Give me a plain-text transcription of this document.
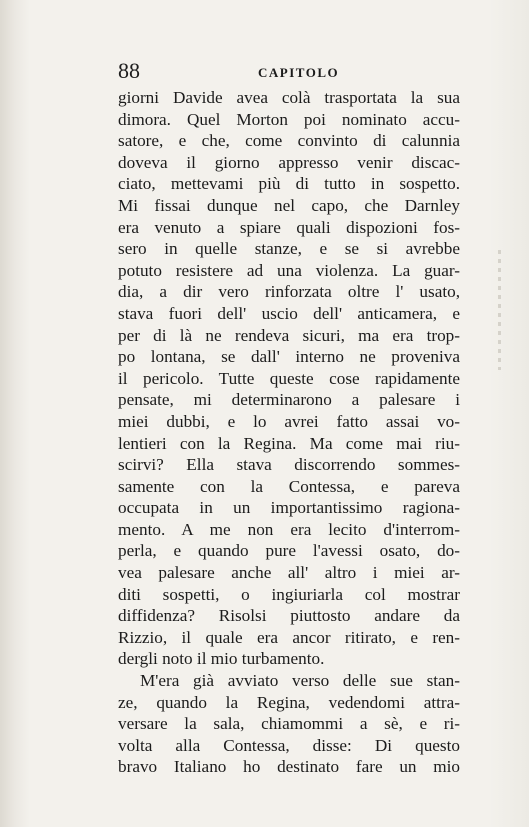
88	CAPITOLO
giorni Davide avea colà trasportata la sua
dimora. Quel Morton poi nominato accu-
satore, e che, come convinto di calunnia
doveva il giorno appresso venir discac-
ciato, mettevami più di tutto in sospetto.
Mi fissai dunque nel capo, che Darnley
era venuto a spiare quali dispozioni fos-
sero in quelle stanze, e se si avrebbe
potuto resistere ad una violenza. La guar-
dia, a dir vero rinforzata oltre l' usato,
stava fuori dell' uscio dell' anticamera, e
per di là ne rendeva sicuri, ma era trop-
po lontana, se dall' interno ne proveniva
il pericolo. Tutte queste cose rapidamente
pensate, mi determinarono a palesare i
miei dubbi, e lo avrei fatto assai vo-
lentieri con la Regina. Ma come mai riu-
scirvi? Ella stava discorrendo sommes-
samente con la Contessa, e pareva
occupata in un importantissimo ragiona-
mento. A me non era lecito d'interrom-
perla, e quando pure l'avessi osato, do-
vea palesare anche all' altro i miei ar-
diti sospetti, o ingiuriarla col mostrar
diffidenza? Risolsi piuttosto andare da
Rizzio, il quale era ancor ritirato, e ren-
dergli noto il mio turbamento.
M'era già avviato verso delle sue stan-
ze, quando la Regina, vedendomi attra-
versare la sala, chiamommi a sè, e ri-
volta alla Contessa, disse: Di questo
bravo Italiano ho destinato fare un mio
